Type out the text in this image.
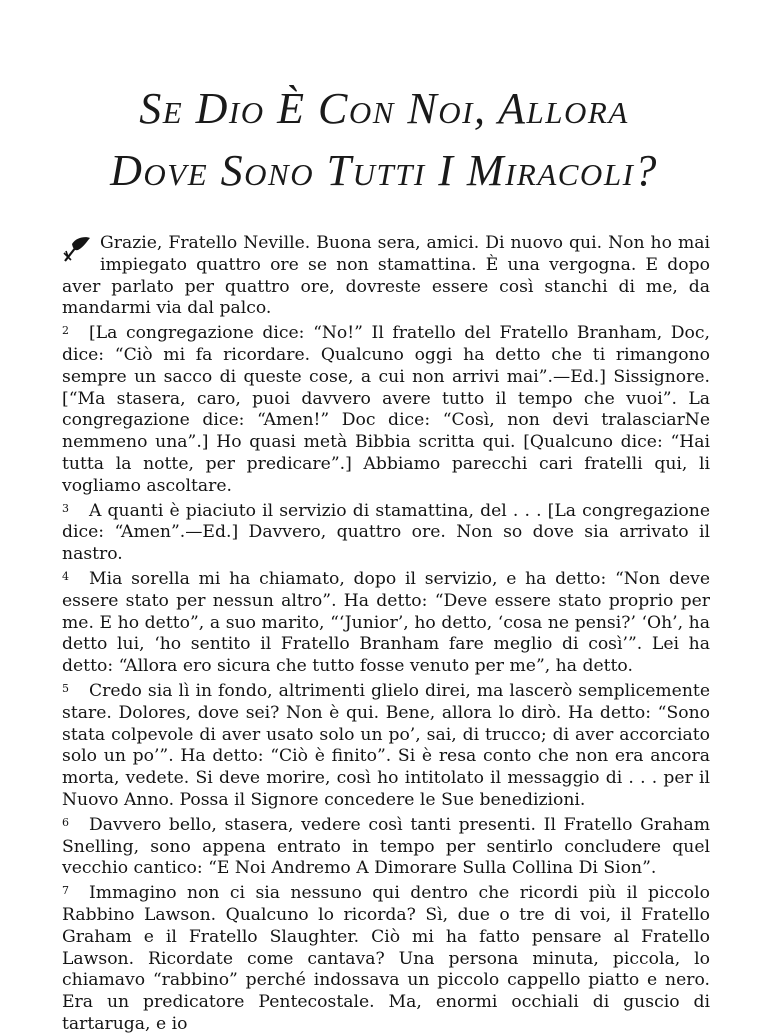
Se Dio È Con Noi, Allora
Dove Sono Tutti I Miracoli?

Grazie, Fratello Neville. Buona sera, amici. Di nuovo qui. Non ho mai impiegato quattro ore se non stamattina. È una vergogna. E dopo aver parlato per quattro ore, dovreste essere così stanchi di me, da mandarmi via dal palco.

2 [La congregazione dice: “No!” Il fratello del Fratello Branham, Doc, dice: “Ciò mi fa ricordare. Qualcuno oggi ha detto che ti rimangono sempre un sacco di queste cose, a cui non arrivi mai”.—Ed.] Sissignore. [“Ma stasera, caro, puoi davvero avere tutto il tempo che vuoi”. La congregazione dice: “Amen!” Doc dice: “Così, non devi tralasciarNe nemmeno una”.] Ho quasi metà Bibbia scritta qui. [Qualcuno dice: “Hai tutta la notte, per predicare”.] Abbiamo parecchi cari fratelli qui, li vogliamo ascoltare.

3 A quanti è piaciuto il servizio di stamattina, del . . . [La congregazione dice: “Amen”.—Ed.] Davvero, quattro ore. Non so dove sia arrivato il nastro.

4 Mia sorella mi ha chiamato, dopo il servizio, e ha detto: “Non deve essere stato per nessun altro”. Ha detto: “Deve essere stato proprio per me. E ho detto”, a suo marito, “‘Junior’, ho detto, ‘cosa ne pensi?’ ‘Oh’, ha detto lui, ‘ho sentito il Fratello Branham fare meglio di così’”. Lei ha detto: “Allora ero sicura che tutto fosse venuto per me”, ha detto.

5 Credo sia lì in fondo, altrimenti glielo direi, ma lascerò semplicemente stare. Dolores, dove sei? Non è qui. Bene, allora lo dirò. Ha detto: “Sono stata colpevole di aver usato solo un po’, sai, di trucco; di aver accorciato solo un po’”. Ha detto: “Ciò è finito”. Si è resa conto che non era ancora morta, vedete. Si deve morire, così ho intitolato il messaggio di . . . per il Nuovo Anno. Possa il Signore concedere le Sue benedizioni.

6 Davvero bello, stasera, vedere così tanti presenti. Il Fratello Graham Snelling, sono appena entrato in tempo per sentirlo concludere quel vecchio cantico: “E Noi Andremo A Dimorare Sulla Collina Di Sion”.

7 Immagino non ci sia nessuno qui dentro che ricordi più il piccolo Rabbino Lawson. Qualcuno lo ricorda? Sì, due o tre di voi, il Fratello Graham e il Fratello Slaughter. Ciò mi ha fatto pensare al Fratello Lawson. Ricordate come cantava? Una persona minuta, piccola, lo chiamavo “rabbino” perché indossava un piccolo cappello piatto e nero. Era un predicatore Pentecostale. Ma, enormi occhiali di guscio di tartaruga, e io
